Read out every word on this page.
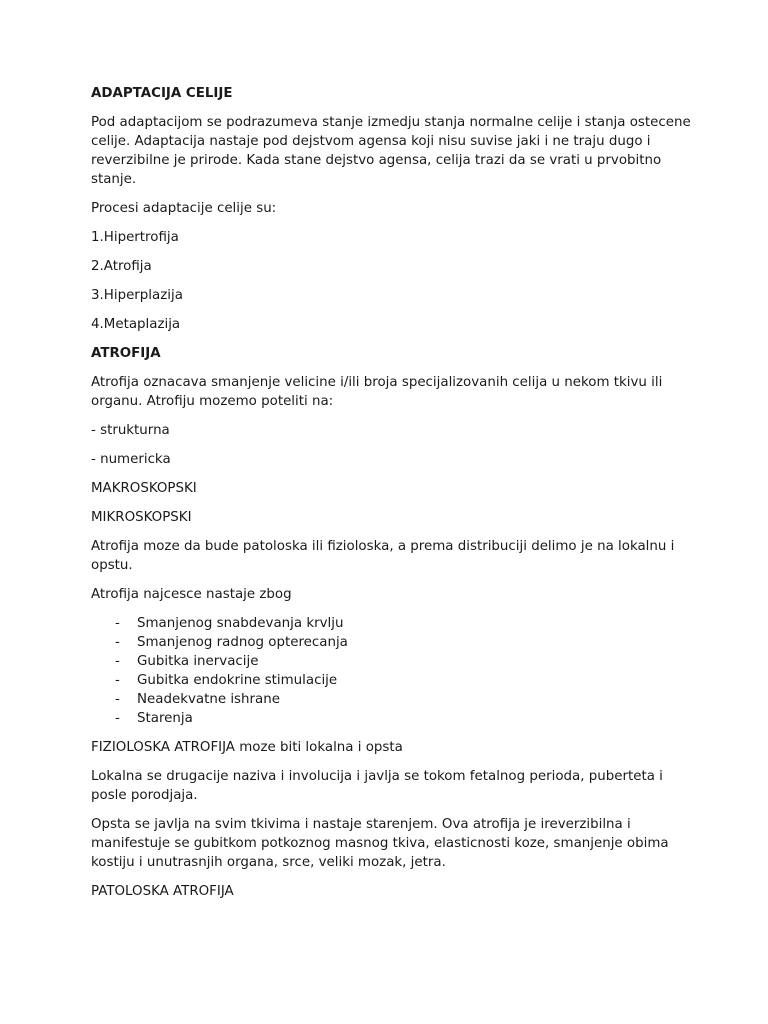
ADAPTACIJA CELIJE

Pod adaptacijom se podrazumeva stanje izmedju stanja normalne celije i stanja ostecene celije. Adaptacija nastaje pod dejstvom agensa koji nisu suvise jaki i ne traju dugo i reverzibilne je prirode. Kada stane dejstvo agensa, celija trazi da se vrati u prvobitno stanje.

Procesi adaptacije celije su:

1.Hipertrofija

2.Atrofija

3.Hiperplazija

4.Metaplazija

ATROFIJA

Atrofija oznacava smanjenje velicine i/ili broja specijalizovanih celija u nekom tkivu ili organu. Atrofiju mozemo poteliti na:

- strukturna

- numericka

MAKROSKOPSKI

MIKROSKOPSKI

Atrofija moze da bude patoloska ili fizioloska, a prema distribuciji delimo je na lokalnu i opstu.

Atrofija najcesce nastaje zbog

- Smanjenog snabdevanja krvlju
- Smanjenog radnog opterecanja
- Gubitka inervacije
- Gubitka endokrine stimulacije
- Neadekvatne ishrane
- Starenja

FIZIOLOSKA ATROFIJA moze biti lokalna i opsta

Lokalna se drugacije naziva i involucija i javlja se tokom fetalnog perioda, puberteta i posle porodjaja.

Opsta se javlja na svim tkivima i nastaje starenjem. Ova atrofija je ireverzibilna i manifestuje se gubitkom potkoznog masnog tkiva, elasticnosti koze, smanjenje obima kostiju i unutrasnjih organa, srce, veliki mozak, jetra.

PATOLOSKA ATROFIJA
